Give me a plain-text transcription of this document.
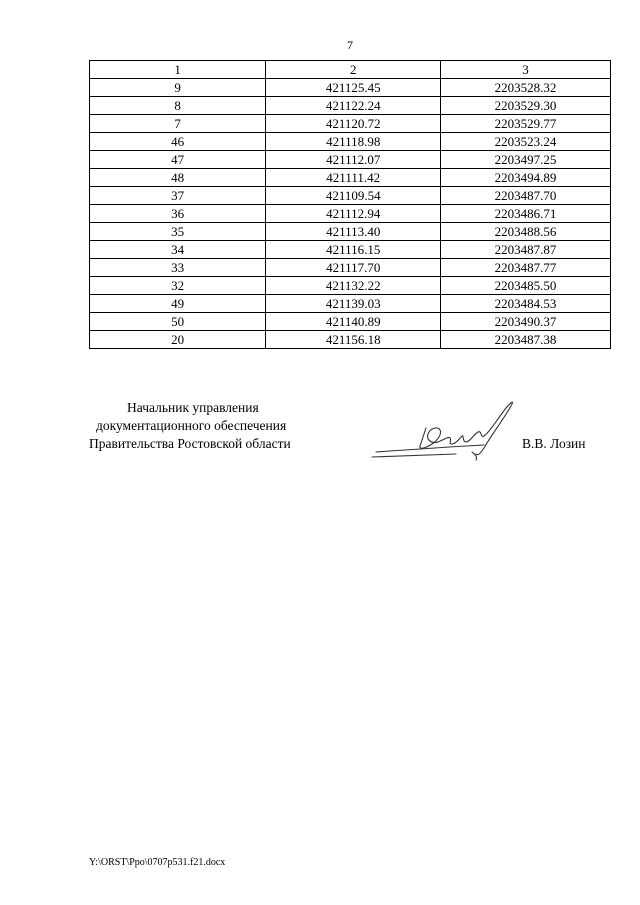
7
1	2	3
9	421125.45	2203528.32
8	421122.24	2203529.30
7	421120.72	2203529.77
46	421118.98	2203523.24
47	421112.07	2203497.25
48	421111.42	2203494.89
37	421109.54	2203487.70
36	421112.94	2203486.71
35	421113.40	2203488.56
34	421116.15	2203487.87
33	421117.70	2203487.77
32	421132.22	2203485.50
49	421139.03	2203484.53
50	421140.89	2203490.37
20	421156.18	2203487.38
Начальник управления
документационного обеспечения
Правительства Ростовской области	В.В. Лозин
Y:\ORST\Ppo\0707p531.f21.docx
